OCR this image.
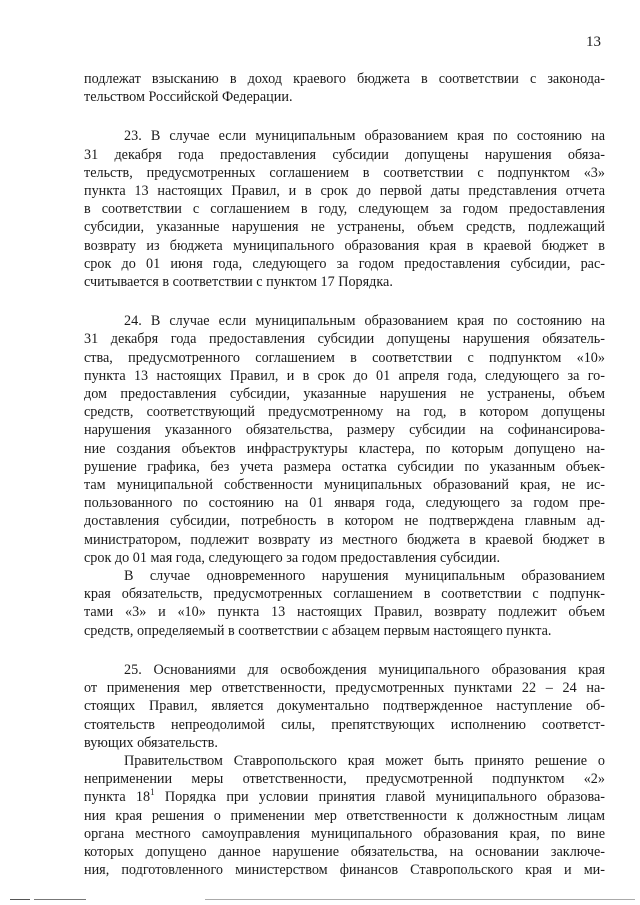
13
подлежат взысканию в доход краевого бюджета в соответствии с законода-
тельством Российской Федерации.
23. В случае если муниципальным образованием края по состоянию на
31 декабря года предоставления субсидии допущены нарушения обяза-
тельств, предусмотренных соглашением в соответствии с подпунктом «3»
пункта 13 настоящих Правил, и в срок до первой даты представления отчета
в соответствии с соглашением в году, следующем за годом предоставления
субсидии, указанные нарушения не устранены, объем средств, подлежащий
возврату из бюджета муниципального образования края в краевой бюджет в
срок до 01 июня года, следующего за годом предоставления субсидии, рас-
считывается в соответствии с пунктом 17 Порядка.
24. В случае если муниципальным образованием края по состоянию на
31 декабря года предоставления субсидии допущены нарушения обязатель-
ства, предусмотренного соглашением в соответствии с подпунктом «10»
пункта 13 настоящих Правил, и в срок до 01 апреля года, следующего за го-
дом предоставления субсидии, указанные нарушения не устранены, объем
средств, соответствующий предусмотренному на год, в котором допущены
нарушения указанного обязательства, размеру субсидии на софинансирова-
ние создания объектов инфраструктуры кластера, по которым допущено на-
рушение графика, без учета размера остатка субсидии по указанным объек-
там муниципальной собственности муниципальных образований края, не ис-
пользованного по состоянию на 01 января года, следующего за годом пре-
доставления субсидии, потребность в котором не подтверждена главным ад-
министратором, подлежит возврату из местного бюджета в краевой бюджет в
срок до 01 мая года, следующего за годом предоставления субсидии.
В случае одновременного нарушения муниципальным образованием
края обязательств, предусмотренных соглашением в соответствии с подпунк-
тами «3» и «10» пункта 13 настоящих Правил, возврату подлежит объем
средств, определяемый в соответствии с абзацем первым настоящего пункта.
25. Основаниями для освобождения муниципального образования края
от применения мер ответственности, предусмотренных пунктами 22 – 24 на-
стоящих Правил, является документально подтвержденное наступление об-
стоятельств непреодолимой силы, препятствующих исполнению соответст-
вующих обязательств.
Правительством Ставропольского края может быть принято решение о
неприменении меры ответственности, предусмотренной подпунктом «2»
пункта $18^1$ Порядка при условии принятия главой муниципального образова-
ния края решения о применении мер ответственности к должностным лицам
органа местного самоуправления муниципального образования края, по вине
которых допущено данное нарушение обязательства, на основании заключе-
ния, подготовленного министерством финансов Ставропольского края и ми-
